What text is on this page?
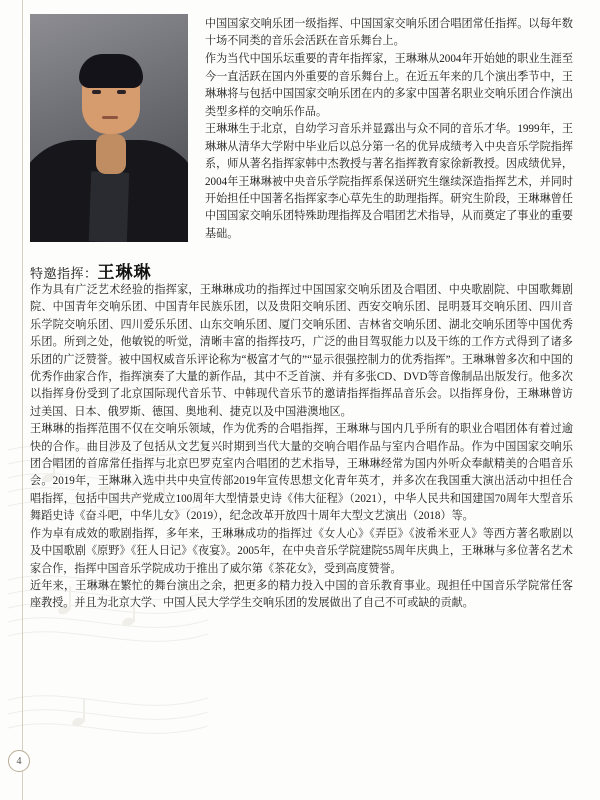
特邀指挥：王琳琳

中国国家交响乐团一级指挥、中国国家交响乐团合唱团常任指挥。以每年数十场不同类的音乐会活跃在音乐舞台上。

作为当代中国乐坛重要的青年指挥家，王琳琳从2004年开始她的职业生涯至今一直活跃在国内外重要的音乐舞台上。在近五年来的几个演出季节中，王琳琳将与包括中国国家交响乐团在内的多家中国著名职业交响乐团合作演出类型多样的交响乐作品。

王琳琳生于北京，自幼学习音乐并显露出与众不同的音乐才华。1999年，王琳琳从清华大学附中毕业后以总分第一名的优异成绩考入中央音乐学院指挥系，师从著名指挥家韩中杰教授与著名指挥教育家徐新教授。因成绩优异，2004年王琳琳被中央音乐学院指挥系保送研究生继续深造指挥艺术，并同时开始担任中国著名指挥家李心草先生的助理指挥。研究生阶段，王琳琳曾任中国国家交响乐团特殊助理指挥及合唱团艺术指导，从而奠定了事业的重要基础。

作为具有广泛艺术经验的指挥家，王琳琳成功的指挥过中国国家交响乐团及合唱团、中央歌剧院、中国歌舞剧院、中国青年交响乐团、中国青年民族乐团，以及贵阳交响乐团、西安交响乐团、昆明聂耳交响乐团、四川音乐学院交响乐团、四川爱乐乐团、山东交响乐团、厦门交响乐团、吉林省交响乐团、湖北交响乐团等中国优秀乐团。所到之处，他敏锐的听觉，清晰丰富的指挥技巧，广泛的曲目驾驭能力以及干练的工作方式得到了诸多乐团的广泛赞誉。被中国权威音乐评论称为“极富才气的”“显示很强控制力的优秀指挥”。王琳琳曾多次和中国的优秀作曲家合作，指挥演奏了大量的新作品，其中不乏首演、并有多张CD、DVD等音像制品出版发行。他多次以指挥身份受到了北京国际现代音乐节、中韩现代音乐节的邀请指挥指挥品音乐会。以指挥身份，王琳琳曾访过美国、日本、俄罗斯、德国、奥地利、捷克以及中国港澳地区。

王琳琳的指挥范围不仅在交响乐领域，作为优秀的合唱指挥，王琳琳与国内几乎所有的职业合唱团体有着过逾快的合作。曲目涉及了包括从文艺复兴时期到当代大量的交响合唱作品与室内合唱作品。作为中国国家交响乐团合唱团的首席常任指挥与北京巴罗克室内合唱团的艺术指导，王琳琳经常为国内外听众奉献精美的合唱音乐会。2019年，王琳琳入选中共中央宣传部2019年宣传思想文化青年英才，并多次在我国重大演出活动中担任合唱指挥，包括中国共产党成立100周年大型情景史诗《伟大征程》（2021），中华人民共和国建国70周年大型音乐舞蹈史诗《奋斗吧，中华儿女》（2019），纪念改革开放四十周年大型文艺演出（2018）等。

作为卓有成效的歌剧指挥，多年来，王琳琳成功的指挥过《女人心》《弄臣》《波希米亚人》等西方著名歌剧以及中国歌剧《原野》《狂人日记》《夜宴》。2005年，在中央音乐学院建院55周年庆典上，王琳琳与多位著名艺术家合作，指挥中国音乐学院成功于推出了威尔第《茶花女》，受到高度赞誉。

近年来，王琳琳在繁忙的舞台演出之余，把更多的精力投入中国的音乐教育事业。现担任中国音乐学院常任客座教授。并且为北京大学、中国人民大学学生交响乐团的发展做出了自己不可或缺的贡献。

4
